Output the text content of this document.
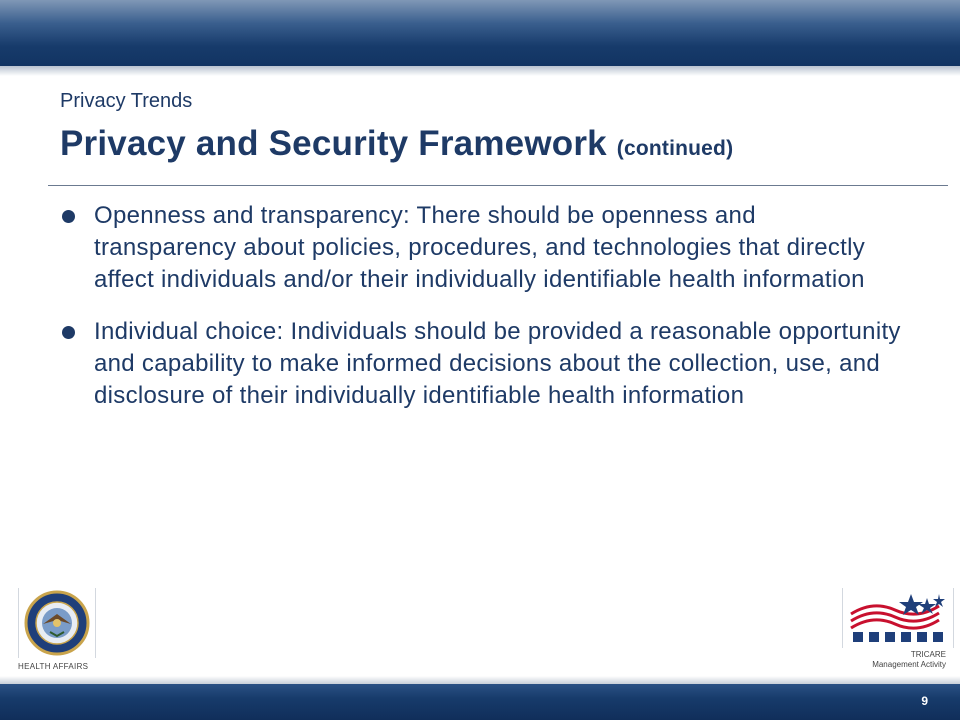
Privacy Trends
Privacy and Security Framework (continued)
Openness and transparency: There should be openness and transparency about policies, procedures, and technologies that directly affect individuals and/or their individually identifiable health information
Individual choice: Individuals should be provided a reasonable opportunity and capability to make informed decisions about the collection, use, and disclosure of their individually identifiable health information
HEALTH AFFAIRS
TRICARE
Management Activity
9
